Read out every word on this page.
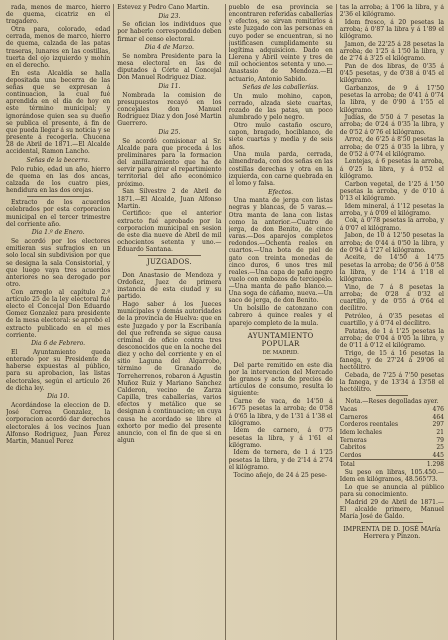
rada, menos de marco, hierro de quema, cicatriz en el tragadero.

Otra para, colorado, edad cerrada, menos de marco, hierro de quema, calzada de las patas traseras, lunares en las costillas, tuerta del ojo izquierdo y mohín en el derecho.

En esta Alcaldía se halla depositada una becerra de las señas que se expresan á continuacion, la cual fué aprendida en el dia de hoy en este término municipal; y ignorándose quien sea su dueño se publica el presente, á fin de que pueda llegar á su noticia y se presente á recogerla. Chucena 28 de Abril de 1871.—El Alcalde accidental, Ramon Lancho.

Señas de la becerra.

Pelo rubio, edad un año, hierro de quema en las dos ancas, calzada de los cuatro pies, hendidura en las dos orejas.

Extracto de los acuerdos celebrados por esta corporacion municipal en el tercer trimestre del corriente año.

Dia 1.º de Enero.

Se acordó por los electores emitieran sus sufragios en un solo local sin subdivision por que se designa la sala Consistorial, y que luego vaya tres acuerdos anteriores no sea derogado por otro.

Con arreglo al capítulo 2.º artículo 25 de la ley electoral fué electo el Concejal Don Eduardo Gomez Gonzalez para presidente de la mesa electoral: se aprobó el extracto publicado en el mes corriente.

Dia 6 de Febrero.

El Ayuntamiento queda enterado por su Presidente de haberse expuestas al público, para su aprobacion, las listas electorales, según el artículo 26 de dicha ley.

Dia 10.

Acordándose la eleccion de D. José Correa Gonzalez, la corporacion acordó dar derechos electorales á los vecinos Juan Alfonso Rodriguez, Juan Perez Martin, Manuel Perez

Estevez y Pedro Cano Martin.

Dia 23.

Se ofician los individuos que por haberlo correspondido deben firmar el censo electoral.

Dia 4 de Marzo.

Se nombra Presidente para la mesa electoral en las de diputados á Córte al Concejal Don Manuel Rodriguez Diaz.

Dia 11.

Nombrada la comision de presupuestos recayó en los concejales don Manuel Rodriguez Diaz y don José Martin Guerrero.

Dia 25.

Se acordó comisionar al Sr. Alcalde para que proceda á los preliminares para la formacion del amillaramiento que ha de servir para girar el repartimiento territorial del año económico próximo.

San Silvestre 2 de Abril de 1871.—El Alcalde, Juan Alfonso Martin.

Certifico: que el anterior extracto fué aprobado por la corporacion municipal en sesion de este dia nueve de Abril de mil ochocientos setenta y uno.—Eduardo Santana.

JUZGADOS.

Don Anastasio de Mendoza y Ordoñez, Juez de primera instancia de esta ciudad y su partido.

Hago saber á los Jueces municipales y demás autoridades de la provincia de Huelva: que en este Juzgado y por la Escribanía del que refrenda se sigue causa criminal de oficio contra tres desconocidos que en la noche del diez y ocho del corriente y en el sitio Laguna del Algarrobo, término de Granado de Torreherrenos, robaron á Agustin Muñoz Ruiz y Mariano Sanchez Calderon, vecino de Zarza Capilla, tres caballerías, varios efectos y metálico que se designan á continuacion; en cuya causa he acordado se libre el exhorto por medio del presente anuncio, con el fin de que si en algun

pueblo de esa provincia se encontraren referidas caballerías y efectos, se sirvan remitirlos á este Juzgado con las personas en cuyo poder se encuentran, si no justificasen cumplidamente su legítima adquisicion. Dado en Llerena y Abril veinte y tres de mil ochocientos setenta y uno.—Anastasio de Mendoza.—El actuario, Antonio Sabido.

Señas de las caballerías.

Un mulo mohino, capon, cerrado, alzada siete cuartas, rozado de las patas, un poco alumbrado y pelo negro.

Otro mulo castaño oscuro, capon, bragado, hociblanco, de siete cuartas y media y de seis años.

Una mula parda, cerrada, almendrada, con dos señas en las costillas derechas y otra en la izquierda, con carne quebrada en el lomo y falsa.

Efectos.

Una manta de jerga con listas negras y blancas, de 5 varas.—Otra manta de lana con listas como la anterior.—Cuatro de jerga, de don Benito, de cinco varas.—Dos aparejos completos redondos.—Ochenta reales en cuartos.—Una bota de piel de gato con treinta monedas de cinco duros, 6 unos tres mil reales.—Una capa de paño negro vuelo con embozos de terciopelo.—Una manta de paño blanco.—Una soga de cáñamo, nueva.—Un saco de jerga, de don Benito.

Un bolsillo de catonzano con cabrero á quince reales y el aparejo completo de la mula.

AYUNTAMIENTO POPULAR

DE MADRID.

Del parte remitido en este dia por la intervencion del Mercado de granos y acta de precios de artículos de consumo, resulta lo siguiente:

Carne de vaca, de 14'50 á 16'75 pesetas la arroba; de 0'58 á 0'65 la libra, y de 1'31 á 1'38 el kilógramo.

Idem de carnero, á 0'75 pesetas la libra, y á 1'61 el kilógramo.

Idem de ternera, de 1 á 1'25 pesetas la libra, y de 2'14 á 2'74 el kilógramo.

Tocino añejo, de 24 á 25 pese-

tas la arroba; á 1'06 la libra, y á 2'36 el kilógramo.

Idem fresco, á 20 pesetas la arroba; á 0'87 la libra y á 1'89 el kilógramo.

Jamon, de 22'25 á 28 pesetas la arroba; de 1'25 á 1'50 la libra, y de 2'74 á 3'25 el kilógramo.

Pan de dos libras, de 0'35 á 0'45 pesetas, y de 0'38 á 0'45 el kilógramo.

Garbanzos, de 9 á 17'50 pesetas la arroba; de 0'41 á 0'74 la libra, y de 0'90 á 1'55 el kilógramo.

Judías, de 5'50 á 7 pesetas la arroba; de 0'24 á 0'35 la libra, y de 0'52 á 0'76 el kilógramo.

Arroz, de 6'25 á 8'50 pesetas la arroba; de 0'25 á 0'35 la libra, y de 0'52 á 0'74 el kilógramo.

Lentejas, á 6 pesetas la arroba, á 0'25 la libra, y á 0'52 el kilógramo.

Carbon vegetal, de 1'25 á 1'50 pesetas la arroba, y de 0'10 á 0'13 el kilógramo.

Idem mineral, á 1'12 pesetas la arroba, y á 0'09 el kilógramo.

Cok, á 0'78 pesetas la arroba, y á 0'07 el kilógramo.

Jabon, de 10 á 12'50 pesetas la arroba; de 0'44 á 0'50 la libra, y de 0'94 á 1'27 el kilógramo.

Aceite, de 14'50 á 14'75 pesetas la arroba; de 0'56 á 0'58 la libra, y de 1'14 á 1'18 el kilógramo.

Vino, de 7 á 8 pesetas la arroba; de 0'28 á 0'32 el cuartillo, y de 0'55 á 0'64 el decílitro.

Petróleo, á 0'35 pesetas el cuartillo, y á 0'74 el decílitro.

Patatas, de 1 á 1'25 pesetas la arroba; de 0'04 á 0'05 la libra, y de 0'11 á 0'12 el kilógramo.

Trigo, de 15 á 16 pesetas la fanega, y de 27'24 á 29'06 el hectólitro.

Cebada, de 7'25 á 7'50 pesetas la fanega, y de 13'34 á 13'58 el hectólitro.

Nota.—Reses degolladas ayer.

Vacas	476
Carneros	464
Corderos reentales	297
Idem lechales	21
Terneras	79
Cabritos	25
Cerdos	445
Total	1.298

Su peso en libras, 105.450.—Idem en kilógramos, 48.565'73.

Lo que se anuncia al público para su conocimiento.

Madrid 29 de Abril de 1871.—El alcalde primero, Manuel María José de Galdo.

IMPRENTA DE D. JOSÉ MAría Herrera y Pinzon.
